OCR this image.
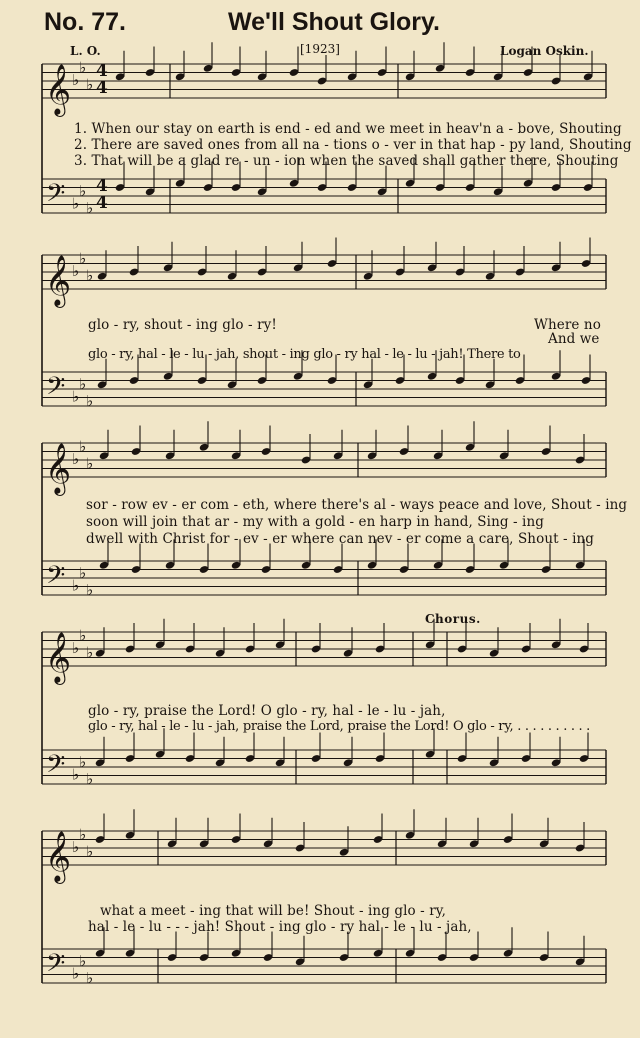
No. 77.	We'll Shout Glory.
L. O.	[1923]	Logan Oskin.
𝄞
𝄢
♭
♭
♭
♭
♭
♭
4
4
4
4
𝄞
𝄢
♭
♭
♭
♭
♭
♭
𝄞
𝄢
♭
♭
♭
♭
♭
♭
𝄞
𝄢
♭
♭
♭
♭
♭
♭
𝄞
𝄢
♭
♭
♭
♭
♭
♭
1. When our stay on earth is end - ed and we meet in heav'n a - bove, Shouting
2. There are saved ones from all na - tions o - ver in that hap - py land, Shouting
3. That will be a glad re - un - ion when the saved shall gather there, Shouting
glo - ry, shout - ing glo - ry!	Where no
And we
glo - ry, hal - le - lu - jah, shout - ing glo - ry hal - le - lu - jah! There to
sor - row ev - er com - eth, where there's al - ways peace and love, Shout - ing
soon will join that ar - my with a gold - en harp in hand, Sing - ing
dwell with Christ for - ev - er where can nev - er come a care, Shout - ing
Chorus.
glo - ry, praise the Lord! O glo - ry, hal - le - lu - jah,
glo - ry, hal - le - lu - jah, praise the Lord, praise the Lord! O glo - ry, . . . . . . . . . .
what a meet - ing that will be! Shout - ing glo - ry,
hal - le - lu - - - jah! Shout - ing glo - ry hal - le - lu - jah,
